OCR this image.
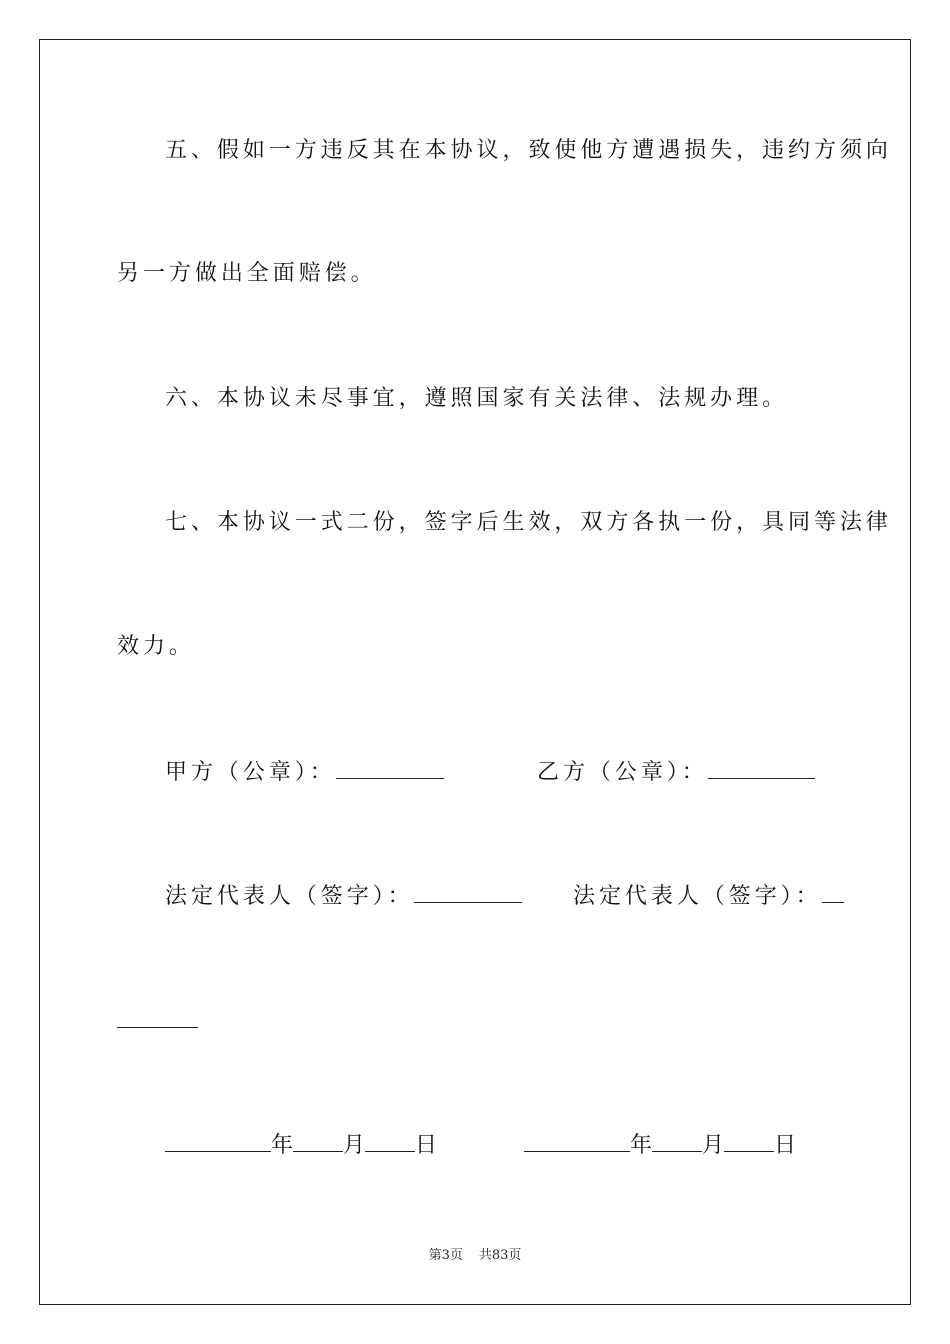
五、假如一方违反其在本协议，致使他方遭遇损失，违约方须向
另一方做出全面赔偿。
六、本协议未尽事宜，遵照国家有关法律、法规办理。
七、本协议一式二份，签字后生效，双方各执一份，具同等法律
效力。
甲方（公章）：	乙方（公章）：
法定代表人（签字）：	法定代表人（签字）：
年 月 日	年 月 日
第3页 共83页
